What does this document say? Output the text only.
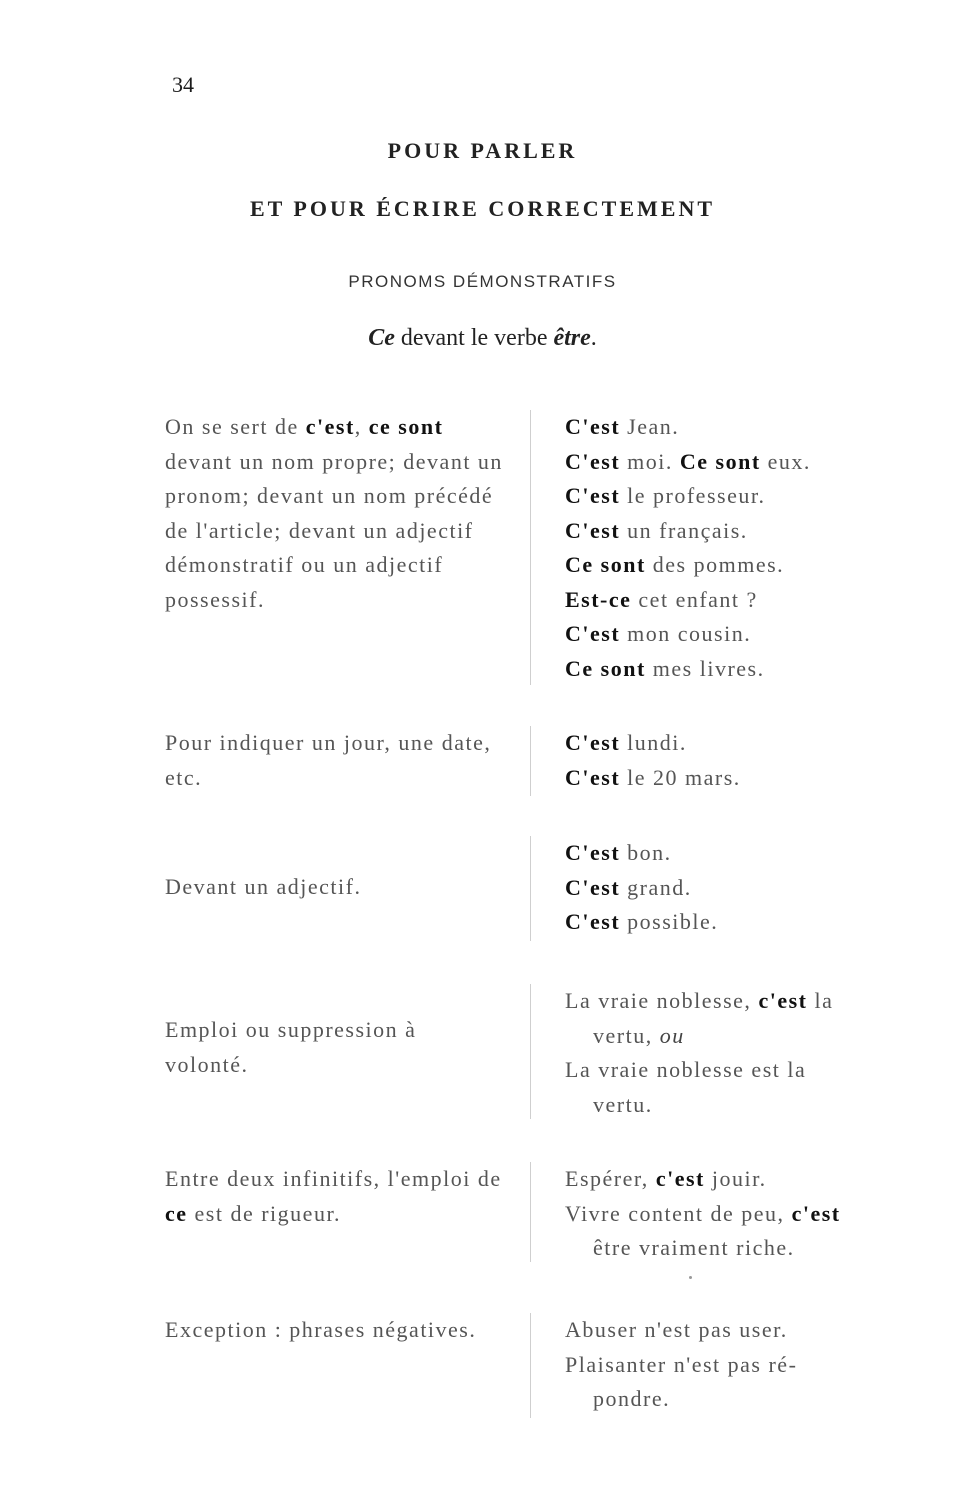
34
POUR PARLER
ET POUR ÉCRIRE CORRECTEMENT
PRONOMS DÉMONSTRATIFS
Ce devant le verbe être.
On se sert de c'est, ce sont devant un nom propre; devant un pronom; devant un nom précédé de l'article; devant un adjectif démonstratif ou un adjectif possessif.
C'est Jean.
C'est moi. Ce sont eux.
C'est le professeur.
C'est un français.
Ce sont des pommes.
Est-ce cet enfant ?
C'est mon cousin.
Ce sont mes livres.
Pour indiquer un jour, une date, etc.
C'est lundi.
C'est le 20 mars.
Devant un adjectif.
C'est bon.
C'est grand.
C'est possible.
Emploi ou suppression à volonté.
La vraie noblesse, c'est la
vertu, ou
La vraie noblesse est la
vertu.
Entre deux infinitifs, l'emploi de ce est de rigueur.
Espérer, c'est jouir.
Vivre content de peu, c'est
être vraiment riche.
Exception : phrases négatives.	Abuser n'est pas user.
Plaisanter n'est pas ré-
pondre.
